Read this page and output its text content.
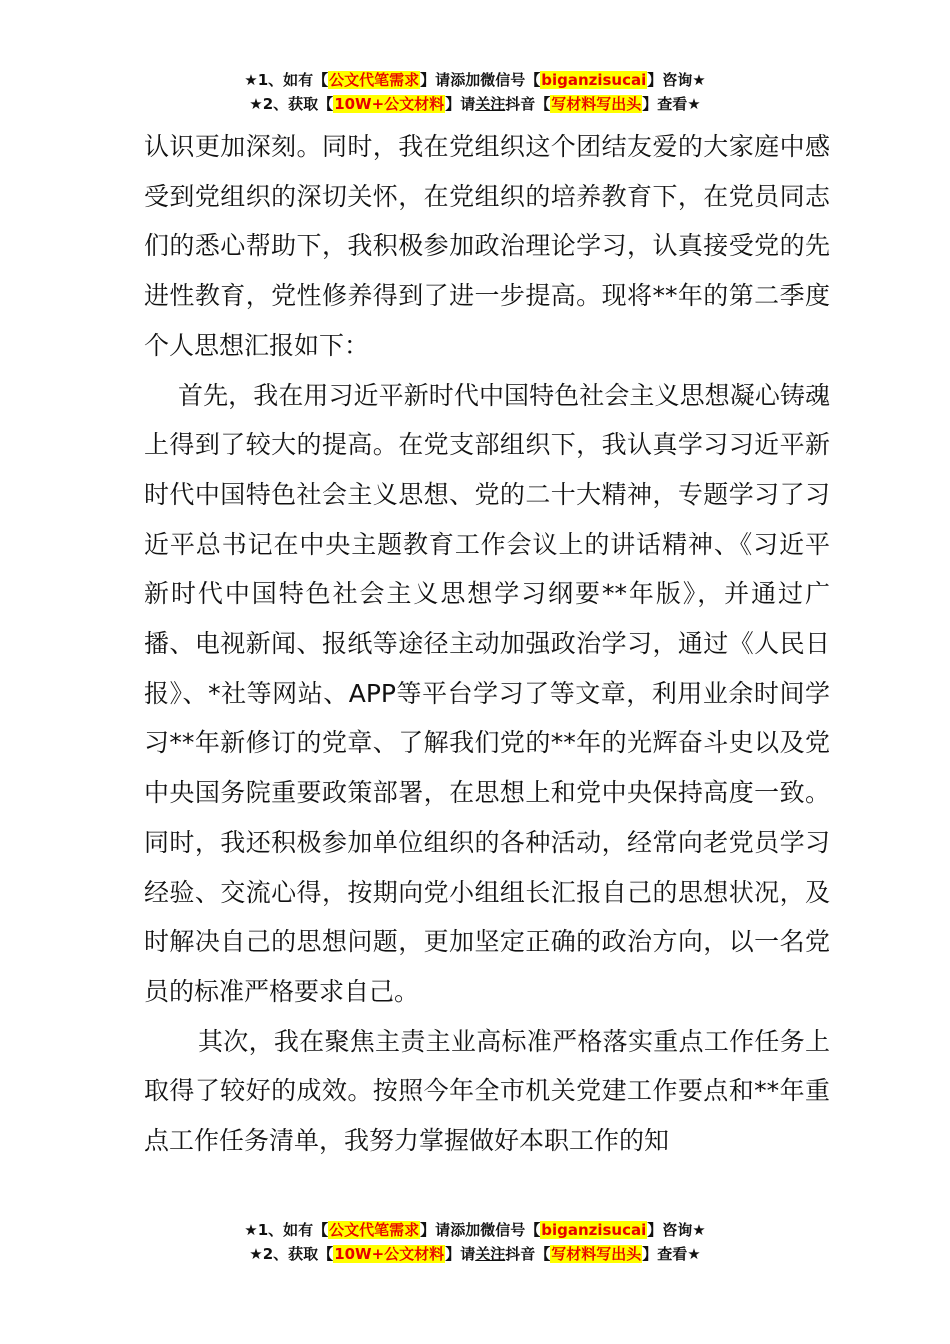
★1、如有【公文代笔需求】请添加微信号【biganzisucai】咨询★
★2、获取【10W+公文材料】请关注抖音【写材料写出头】查看★

认识更加深刻。同时，我在党组织这个团结友爱的大家庭中感受到党组织的深切关怀，在党组织的培养教育下，在党员同志们的悉心帮助下，我积极参加政治理论学习，认真接受党的先进性教育，党性修养得到了进一步提高。现将**年的第二季度个人思想汇报如下：

首先，我在用习近平新时代中国特色社会主义思想凝心铸魂上得到了较大的提高。在党支部组织下，我认真学习习近平新时代中国特色社会主义思想、党的二十大精神，专题学习了习近平总书记在中央主题教育工作会议上的讲话精神、《习近平新时代中国特色社会主义思想学习纲要**年版》，并通过广播、电视新闻、报纸等途径主动加强政治学习，通过《人民日报》、*社等网站、APP等平台学习了等文章，利用业余时间学习**年新修订的党章、了解我们党的**年的光辉奋斗史以及党中央国务院重要政策部署，在思想上和党中央保持高度一致。同时，我还积极参加单位组织的各种活动，经常向老党员学习经验、交流心得，按期向党小组组长汇报自己的思想状况，及时解决自己的思想问题，更加坚定正确的政治方向，以一名党员的标准严格要求自己。

其次，我在聚焦主责主业高标准严格落实重点工作任务上取得了较好的成效。按照今年全市机关党建工作要点和**年重点工作任务清单，我努力掌握做好本职工作的知

★1、如有【公文代笔需求】请添加微信号【biganzisucai】咨询★
★2、获取【10W+公文材料】请关注抖音【写材料写出头】查看★
